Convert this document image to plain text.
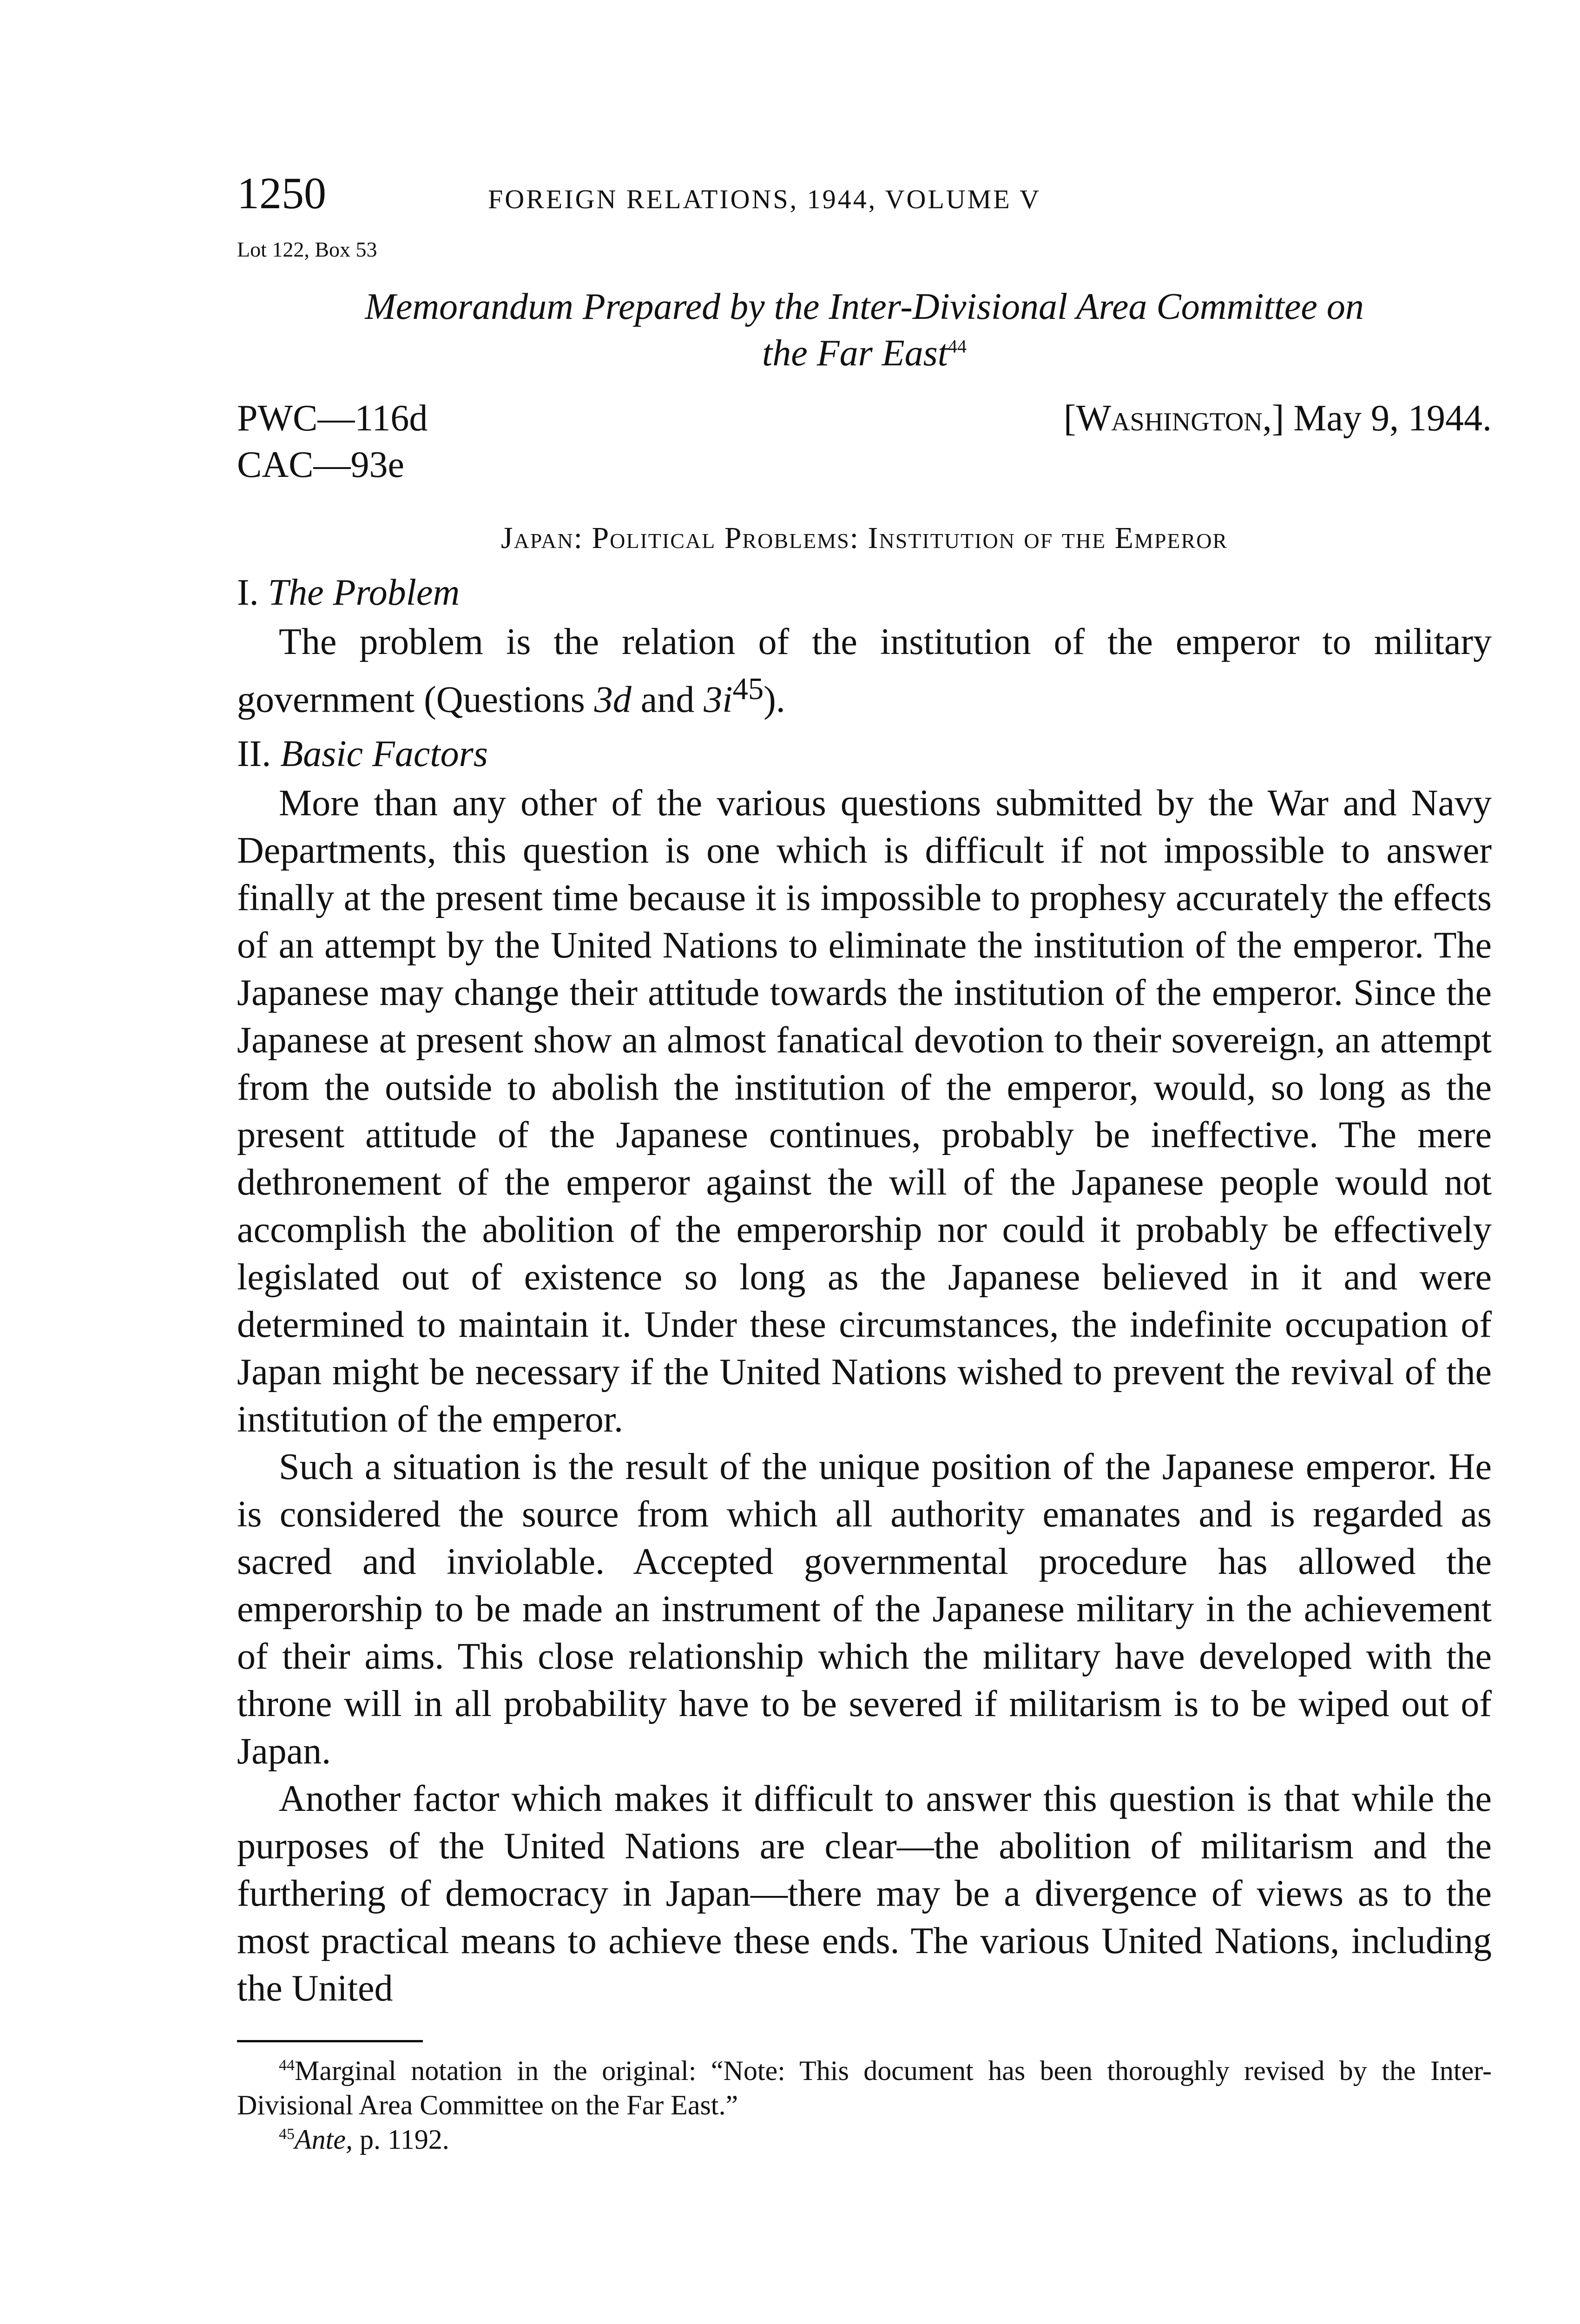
1250	FOREIGN RELATIONS, 1944, VOLUME V
Lot 122, Box 53
Memorandum Prepared by the Inter-Divisional Area Committee on
the Far East$^{44}$
PWC—116d
CAC—93e
[Washington,] May 9, 1944.
Japan: Political Problems: Institution of the Emperor
I. The Problem

The problem is the relation of the institution of the emperor to military government (Questions 3d and $3i^{45}$).

II. Basic Factors

More than any other of the various questions submitted by the War and Navy Departments, this question is one which is difficult if not impossible to answer finally at the present time because it is impossible to prophesy accurately the effects of an attempt by the United Nations to eliminate the institution of the emperor. The Japanese may change their attitude towards the institution of the emperor. Since the Japanese at present show an almost fanatical devotion to their sovereign, an attempt from the outside to abolish the institution of the emperor, would, so long as the present attitude of the Japanese continues, probably be ineffective. The mere dethronement of the emperor against the will of the Japanese people would not accomplish the abolition of the emperorship nor could it probably be effectively legislated out of existence so long as the Japanese believed in it and were determined to maintain it. Under these circumstances, the indefinite occupation of Japan might be necessary if the United Nations wished to prevent the revival of the institution of the emperor.

Such a situation is the result of the unique position of the Japanese emperor. He is considered the source from which all authority emanates and is regarded as sacred and inviolable. Accepted governmental procedure has allowed the emperorship to be made an instrument of the Japanese military in the achievement of their aims. This close relationship which the military have developed with the throne will in all probability have to be severed if militarism is to be wiped out of Japan.

Another factor which makes it difficult to answer this question is that while the purposes of the United Nations are clear—the abolition of militarism and the furthering of democracy in Japan—there may be a divergence of views as to the most practical means to achieve these ends. The various United Nations, including the United

$^{44}$Marginal notation in the original: “Note: This document has been thoroughly revised by the Inter-Divisional Area Committee on the Far East.”

$^{45}$Ante, p. 1192.
